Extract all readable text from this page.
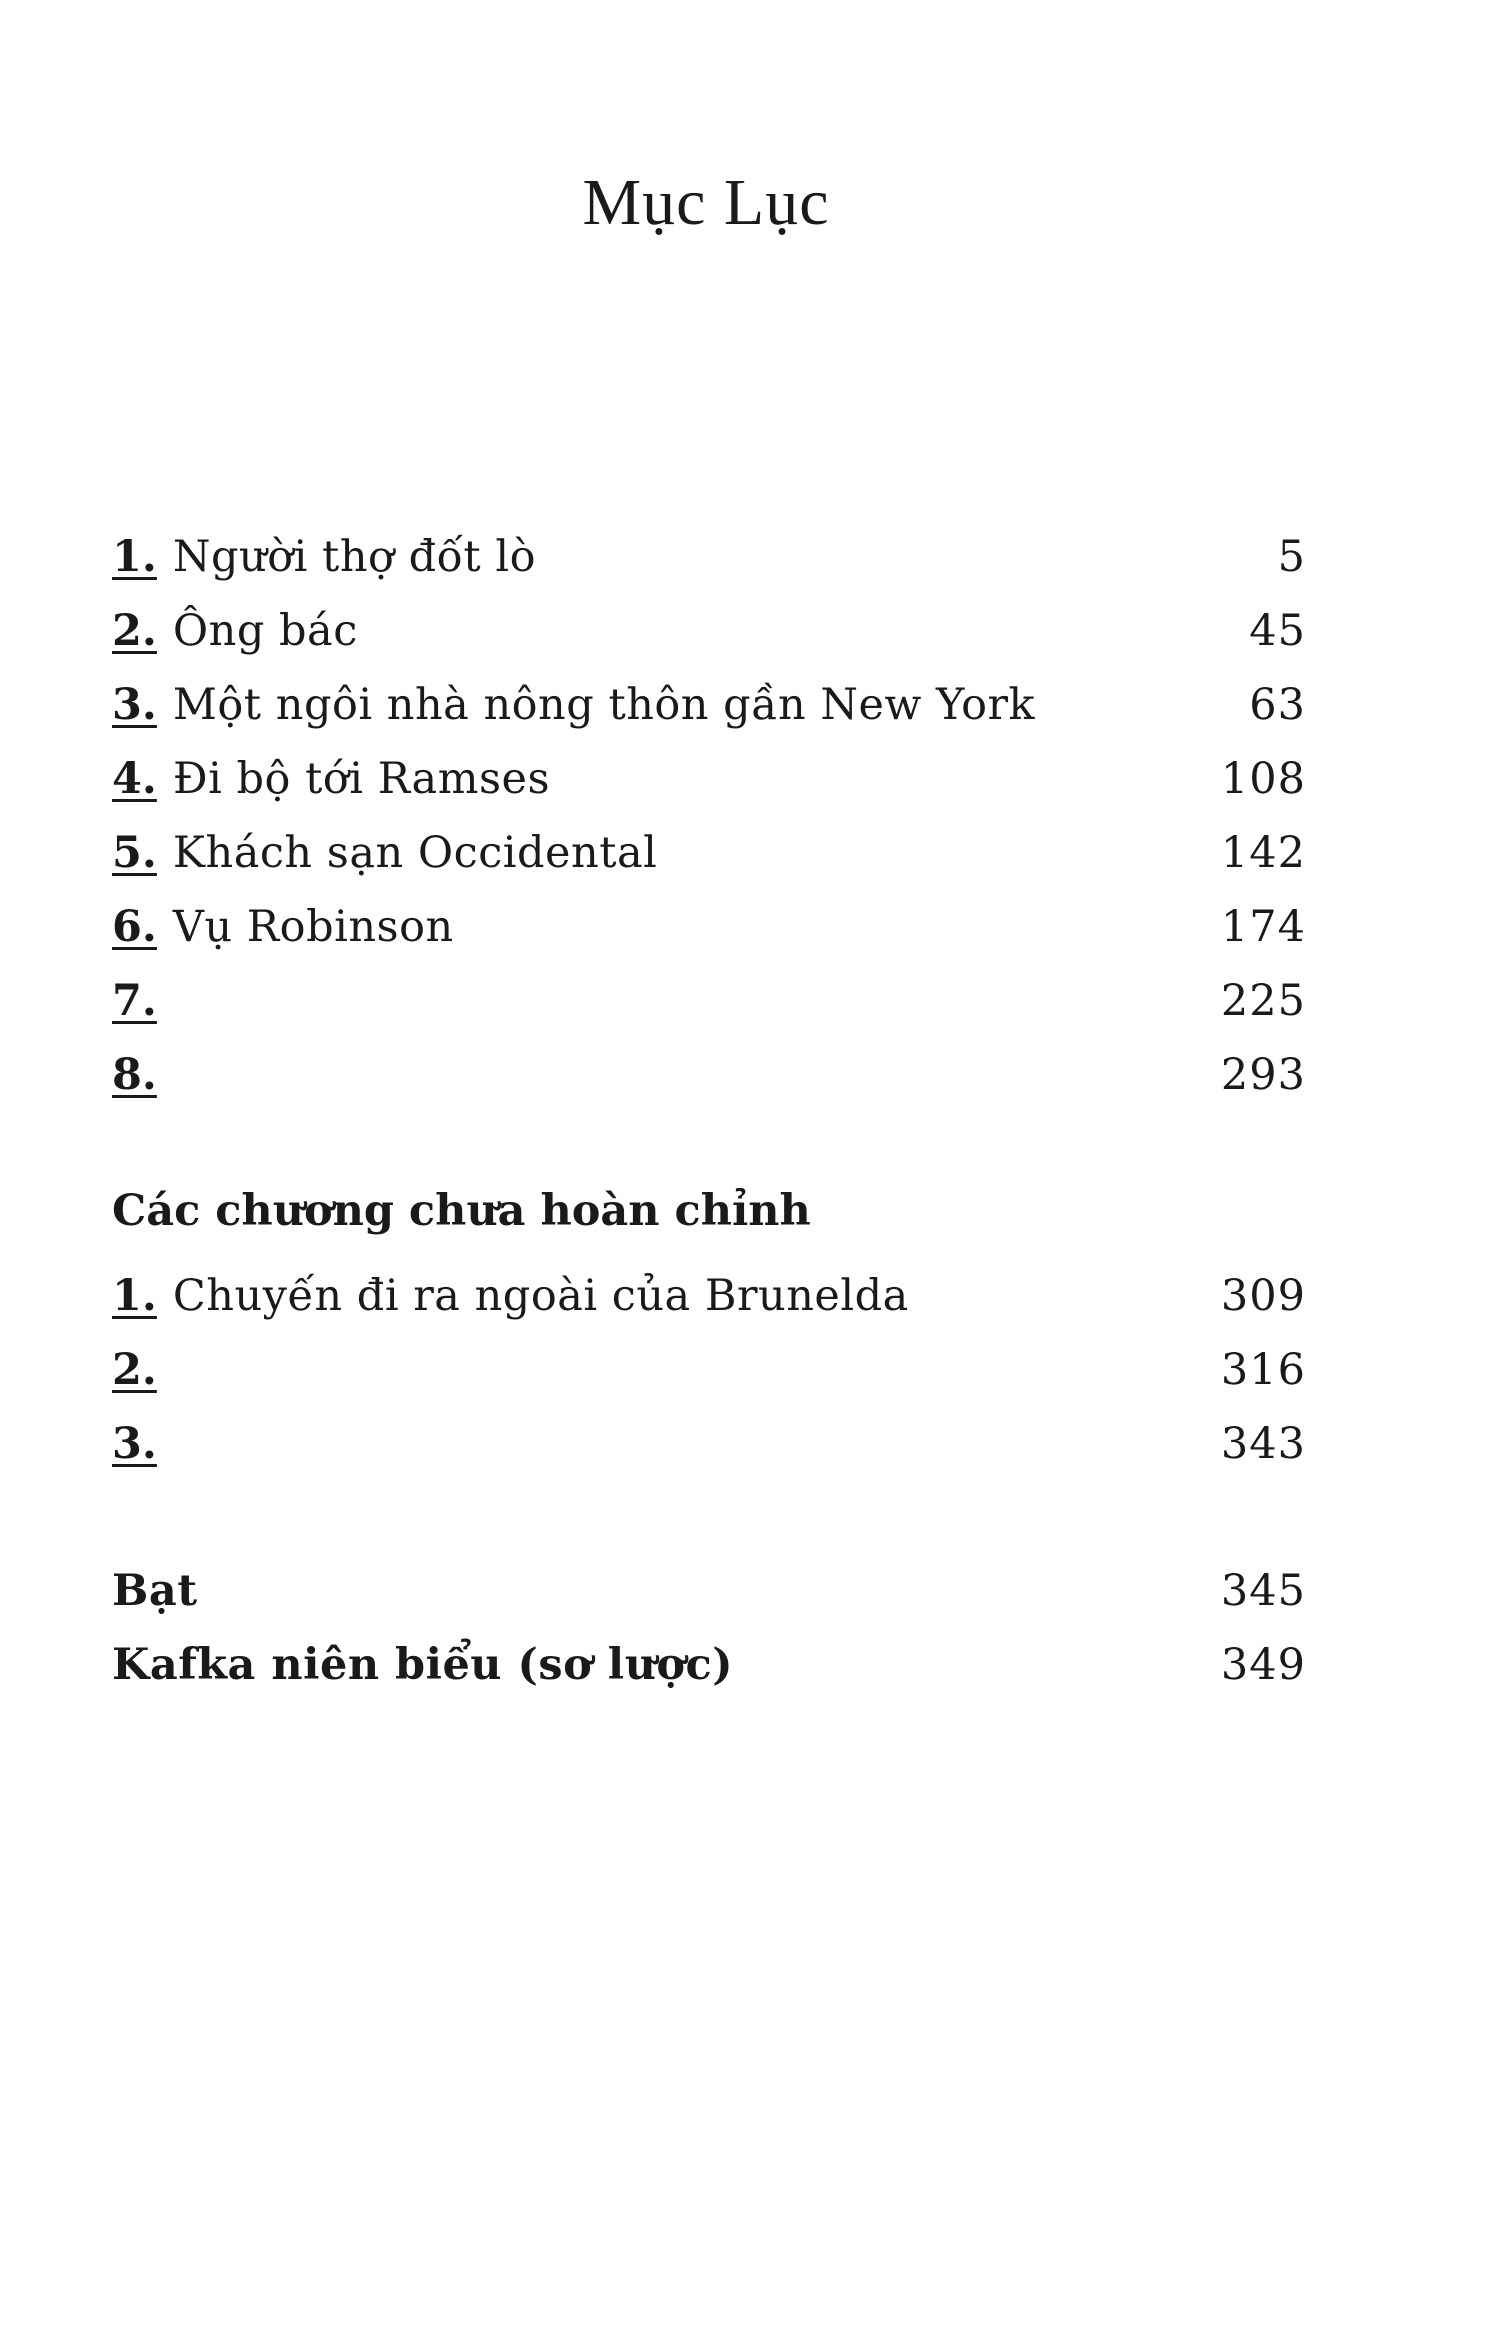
Mục Lục
1. Người thợ đốt lò	5
2. Ông bác	45
3. Một ngôi nhà nông thôn gần New York	63
4. Đi bộ tới Ramses	108
5. Khách sạn Occidental	142
6. Vụ Robinson	174
7.	225
8.	293
Các chương chưa hoàn chỉnh
1. Chuyến đi ra ngoài của Brunelda	309
2.	316
3.	343
Bạt	345
Kafka niên biểu (sơ lược)	349
